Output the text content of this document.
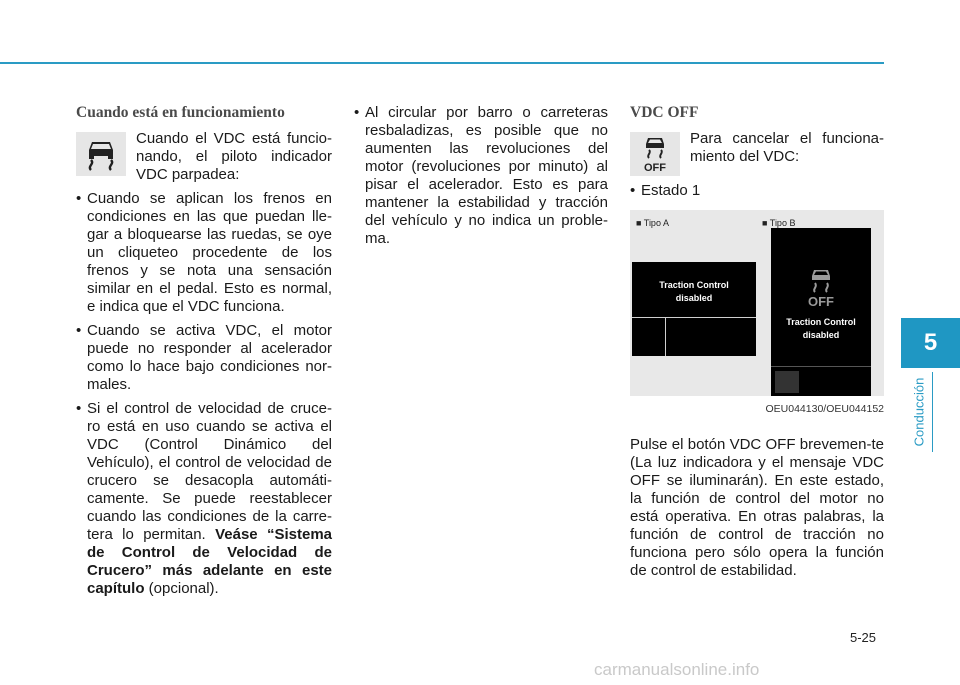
5
Conducción
Cuando está en funcionamiento

Cuando el VDC está funcio-nando, el piloto indicador VDC parpadea:

• Cuando se aplican los frenos en condiciones en las que puedan lle-gar a bloquearse las ruedas, se oye un cliqueteo procedente de los frenos y se nota una sensación similar en el pedal. Esto es normal, e indica que el VDC funciona.
• Cuando se activa VDC, el motor puede no responder al acelerador como lo hace bajo condiciones nor-males.
• Si el control de velocidad de cruce-ro está en uso cuando se activa el VDC (Control Dinámico del Vehículo), el control de velocidad de crucero se desacopla automáti-camente. Se puede reestablecer cuando las condiciones de la carre-tera lo permitan. Veáse “Sistema de Control de Velocidad de Crucero” más adelante en este capítulo (opcional).
• Al circular por barro o carreteras resbaladizas, es posible que no aumenten las revoluciones del motor (revoluciones por minuto) al pisar el acelerador. Esto es para mantener la estabilidad y tracción del vehículo y no indica un proble-ma.
VDC OFF
OFF

Para cancelar el funciona-miento del VDC:

• Estado 1
■ Tipo A	■ Tipo B
Traction Control
disabled	OFF
Traction Control
disabled
OEU044130/OEU044152

Pulse el botón VDC OFF brevemen-te (La luz indicadora y el mensaje VDC OFF se iluminarán). En este estado, la función de control del motor no está operativa. En otras palabras, la función de control de tracción no funciona pero sólo opera la función de control de estabilidad.

5-25
carmanualsonline.info
